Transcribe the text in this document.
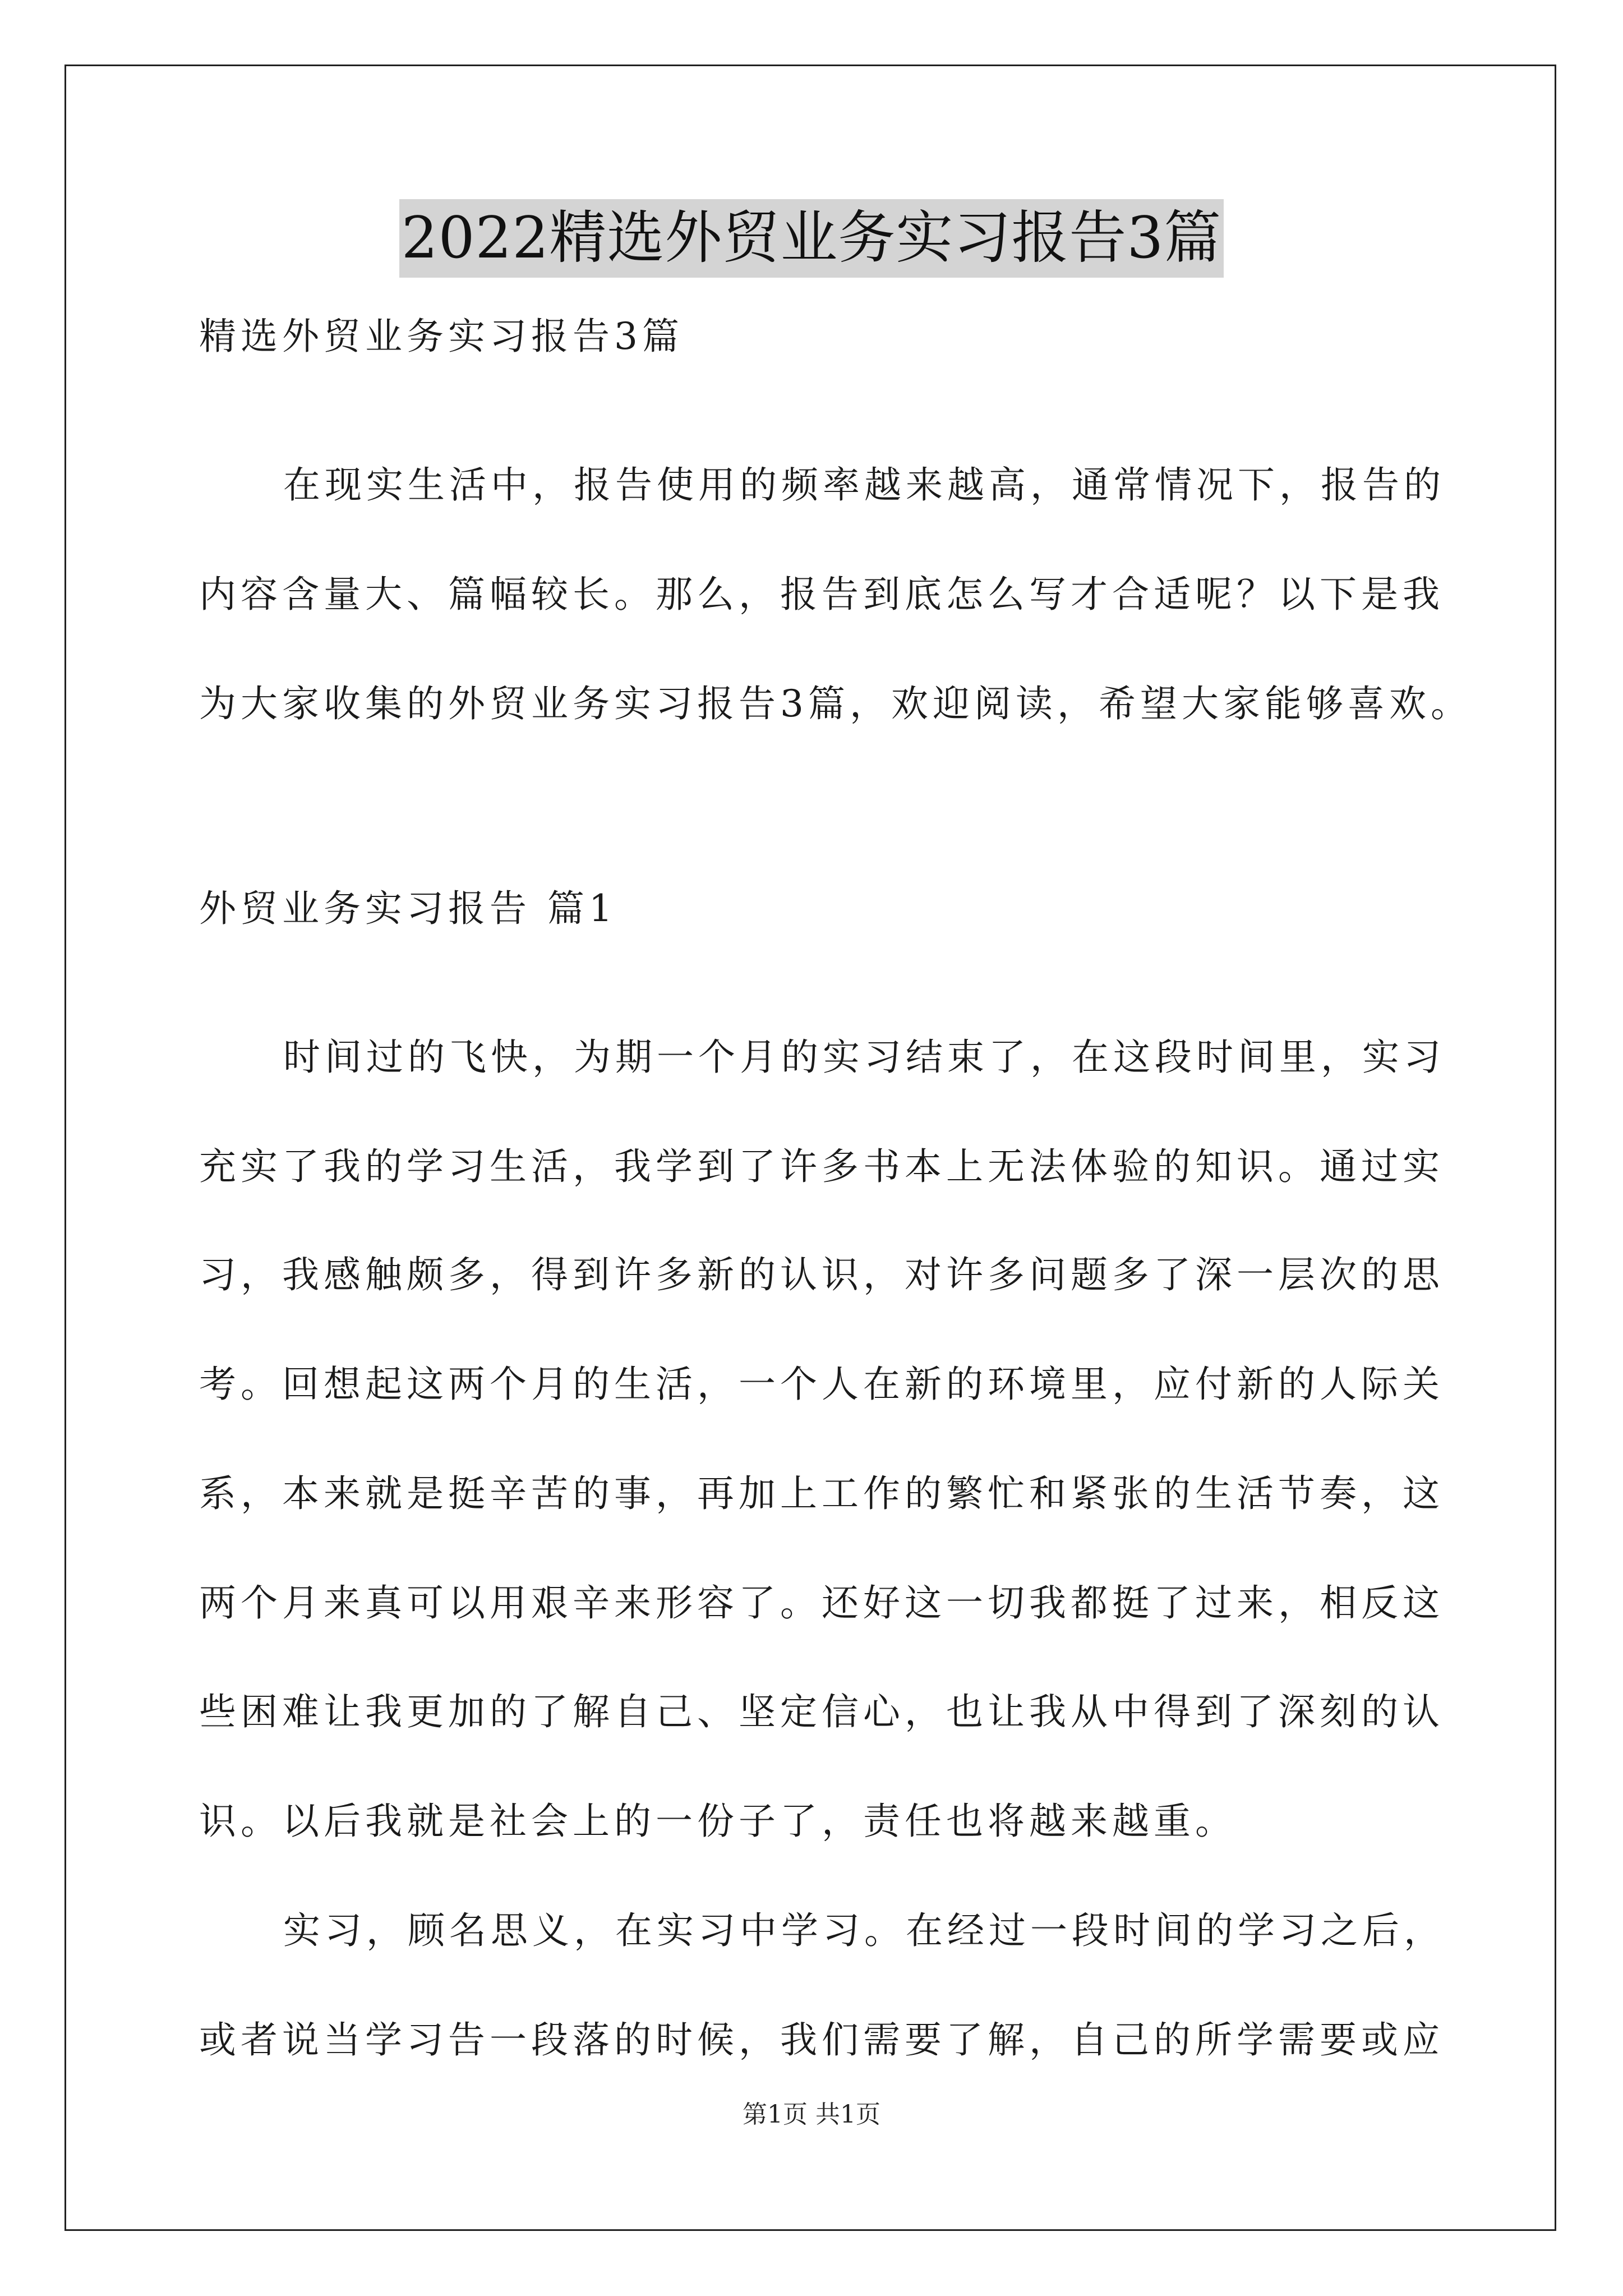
2022精选外贸业务实习报告3篇
精选外贸业务实习报告3篇
在现实生活中，报告使用的频率越来越高，通常情况下，报告的
内容含量大、篇幅较长。那么，报告到底怎么写才合适呢？以下是我
为大家收集的外贸业务实习报告3篇，欢迎阅读，希望大家能够喜欢。
外贸业务实习报告 篇1
时间过的飞快，为期一个月的实习结束了，在这段时间里，实习
充实了我的学习生活，我学到了许多书本上无法体验的知识。通过实
习，我感触颇多，得到许多新的认识，对许多问题多了深一层次的思
考。回想起这两个月的生活，一个人在新的环境里，应付新的人际关
系，本来就是挺辛苦的事，再加上工作的繁忙和紧张的生活节奏，这
两个月来真可以用艰辛来形容了。还好这一切我都挺了过来，相反这
些困难让我更加的了解自己、坚定信心，也让我从中得到了深刻的认
识。以后我就是社会上的一份子了，责任也将越来越重。
实习，顾名思义，在实习中学习。在经过一段时间的学习之后，
或者说当学习告一段落的时候，我们需要了解，自己的所学需要或应
第1页 共1页
